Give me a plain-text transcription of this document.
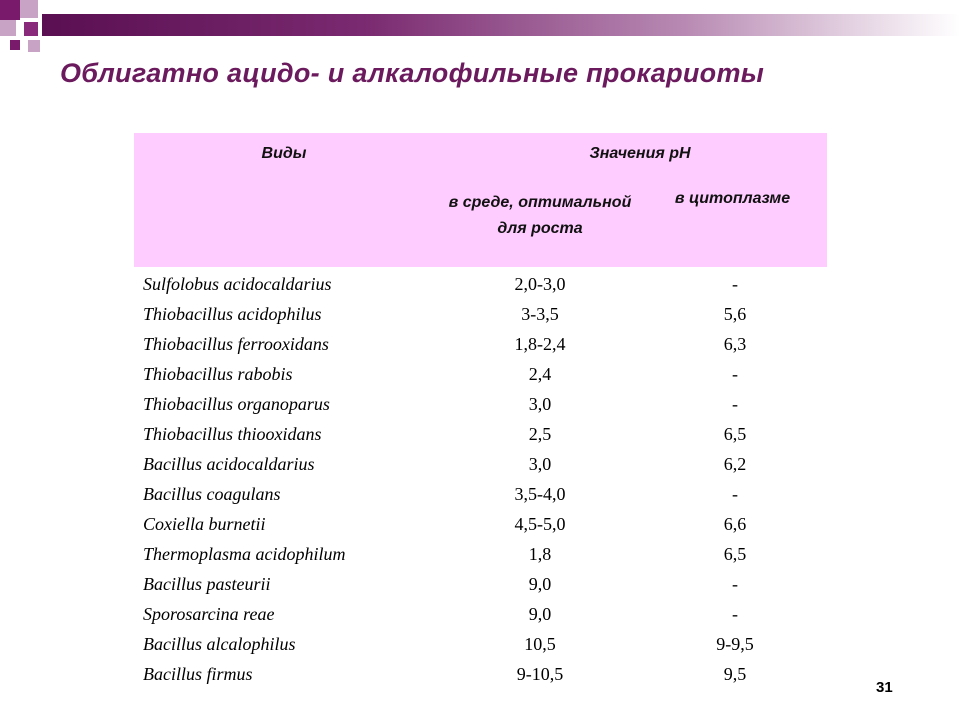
Облигатно ацидо- и алкалофильные прокариоты
Виды	Значения pH
в среде, оптимальной для роста
в цитоплазме
Sulfolobus acidocaldarius	2,0-3,0	-
Thiobacillus acidophilus	3-3,5	5,6
Thiobacillus ferrooxidans	1,8-2,4	6,3
Thiobacillus rabobis	2,4	-
Thiobacillus organoparus	3,0	-
Thiobacillus thiooxidans	2,5	6,5
Bacillus acidocaldarius	3,0	6,2
Bacillus coagulans	3,5-4,0	-
Coxiella burnetii	4,5-5,0	6,6
Thermoplasma acidophilum	1,8	6,5
Bacillus pasteurii	9,0	-
Sporosarcina reae	9,0	-
Bacillus alcalophilus	10,5	9-9,5
Bacillus firmus	9-10,5	9,5
31
